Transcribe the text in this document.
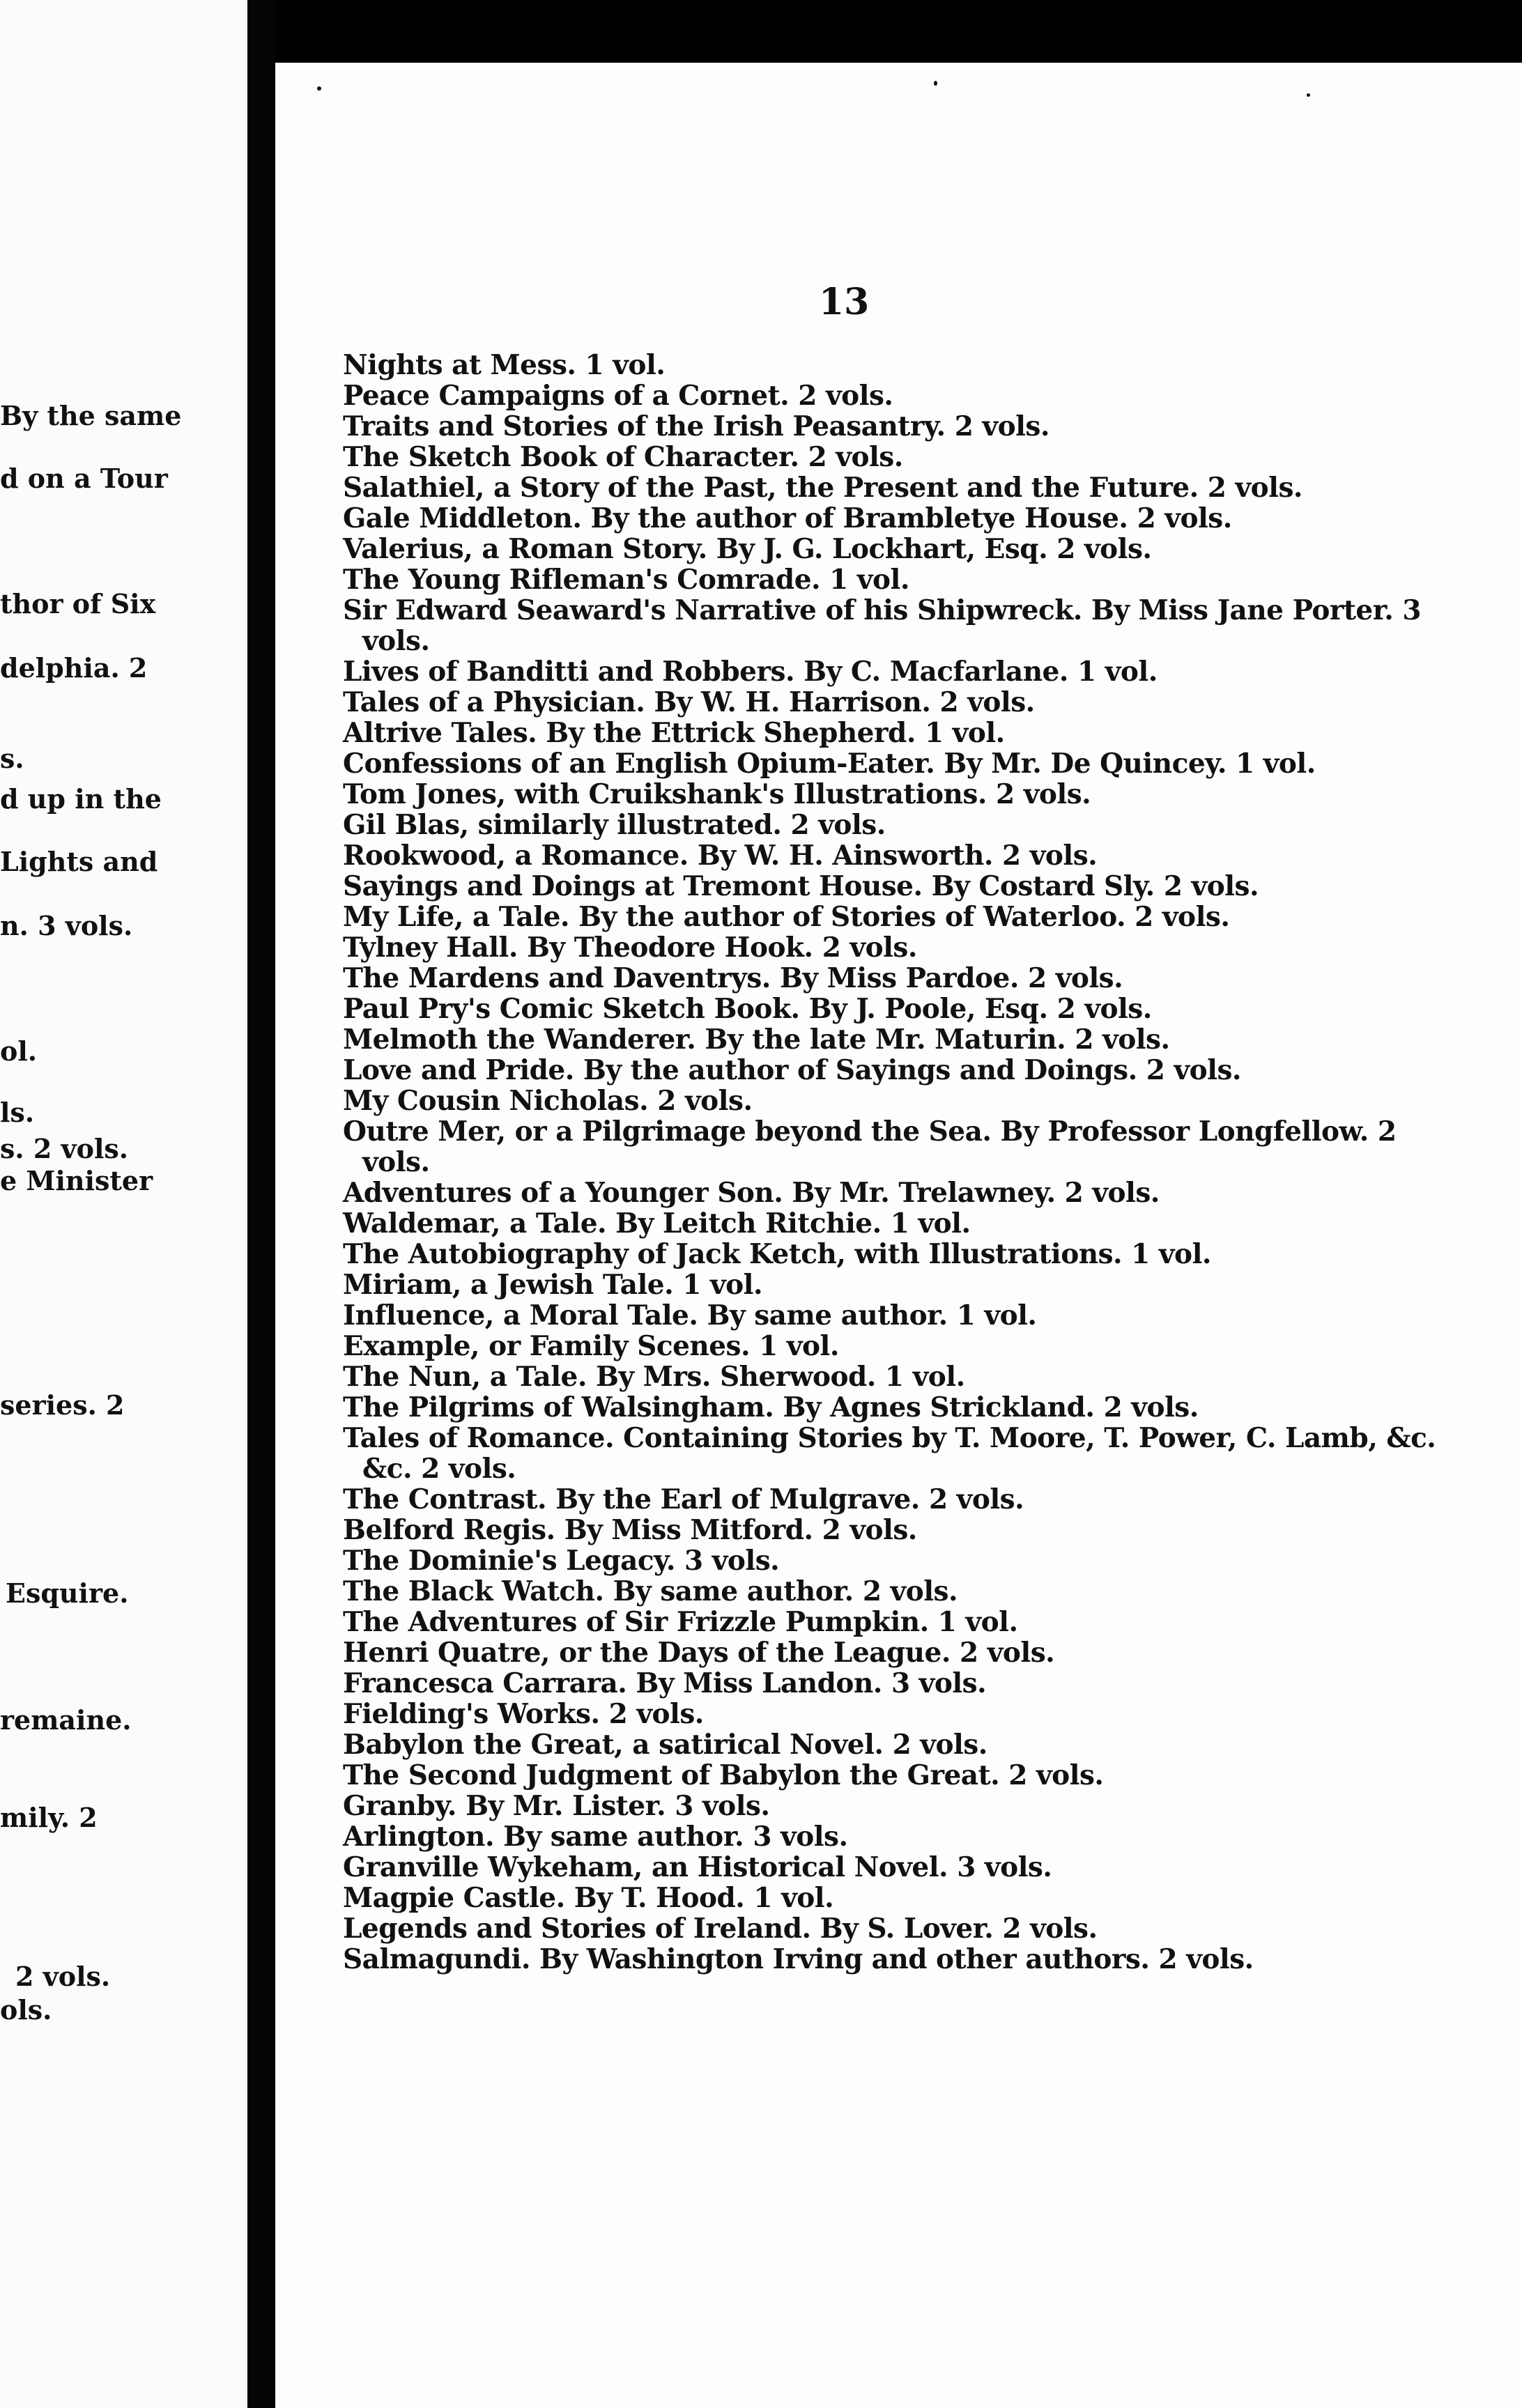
By the same
d on a Tour
thor of Six
delphia. 2
s.
d up in the
Lights and
n. 3 vols.
ol.
ls.
s. 2 vols.
e Minister
series. 2
Esquire.
remaine.
mily. 2
2 vols.
ols.
13

Nights at Mess. 1 vol.

Peace Campaigns of a Cornet. 2 vols.

Traits and Stories of the Irish Peasantry. 2 vols.

The Sketch Book of Character. 2 vols.

Salathiel, a Story of the Past, the Present and the Future. 2 vols.

Gale Middleton. By the author of Brambletye House. 2 vols.

Valerius, a Roman Story. By J. G. Lockhart, Esq. 2 vols.

The Young Rifleman's Comrade. 1 vol.

Sir Edward Seaward's Narrative of his Shipwreck. By Miss Jane Porter. 3 vols.

Lives of Banditti and Robbers. By C. Macfarlane. 1 vol.

Tales of a Physician. By W. H. Harrison. 2 vols.

Altrive Tales. By the Ettrick Shepherd. 1 vol.

Confessions of an English Opium-Eater. By Mr. De Quincey. 1 vol.

Tom Jones, with Cruikshank's Illustrations. 2 vols.

Gil Blas, similarly illustrated. 2 vols.

Rookwood, a Romance. By W. H. Ainsworth. 2 vols.

Sayings and Doings at Tremont House. By Costard Sly. 2 vols.

My Life, a Tale. By the author of Stories of Waterloo. 2 vols.

Tylney Hall. By Theodore Hook. 2 vols.

The Mardens and Daventrys. By Miss Pardoe. 2 vols.

Paul Pry's Comic Sketch Book. By J. Poole, Esq. 2 vols.

Melmoth the Wanderer. By the late Mr. Maturin. 2 vols.

Love and Pride. By the author of Sayings and Doings. 2 vols.

My Cousin Nicholas. 2 vols.

Outre Mer, or a Pilgrimage beyond the Sea. By Professor Longfellow. 2 vols.

Adventures of a Younger Son. By Mr. Trelawney. 2 vols.

Waldemar, a Tale. By Leitch Ritchie. 1 vol.

The Autobiography of Jack Ketch, with Illustrations. 1 vol.

Miriam, a Jewish Tale. 1 vol.

Influence, a Moral Tale. By same author. 1 vol.

Example, or Family Scenes. 1 vol.

The Nun, a Tale. By Mrs. Sherwood. 1 vol.

The Pilgrims of Walsingham. By Agnes Strickland. 2 vols.

Tales of Romance. Containing Stories by T. Moore, T. Power, C. Lamb, &c. &c. 2 vols.

The Contrast. By the Earl of Mulgrave. 2 vols.

Belford Regis. By Miss Mitford. 2 vols.

The Dominie's Legacy. 3 vols.

The Black Watch. By same author. 2 vols.

The Adventures of Sir Frizzle Pumpkin. 1 vol.

Henri Quatre, or the Days of the League. 2 vols.

Francesca Carrara. By Miss Landon. 3 vols.

Fielding's Works. 2 vols.

Babylon the Great, a satirical Novel. 2 vols.

The Second Judgment of Babylon the Great. 2 vols.

Granby. By Mr. Lister. 3 vols.

Arlington. By same author. 3 vols.

Granville Wykeham, an Historical Novel. 3 vols.

Magpie Castle. By T. Hood. 1 vol.

Legends and Stories of Ireland. By S. Lover. 2 vols.

Salmagundi. By Washington Irving and other authors. 2 vols.
